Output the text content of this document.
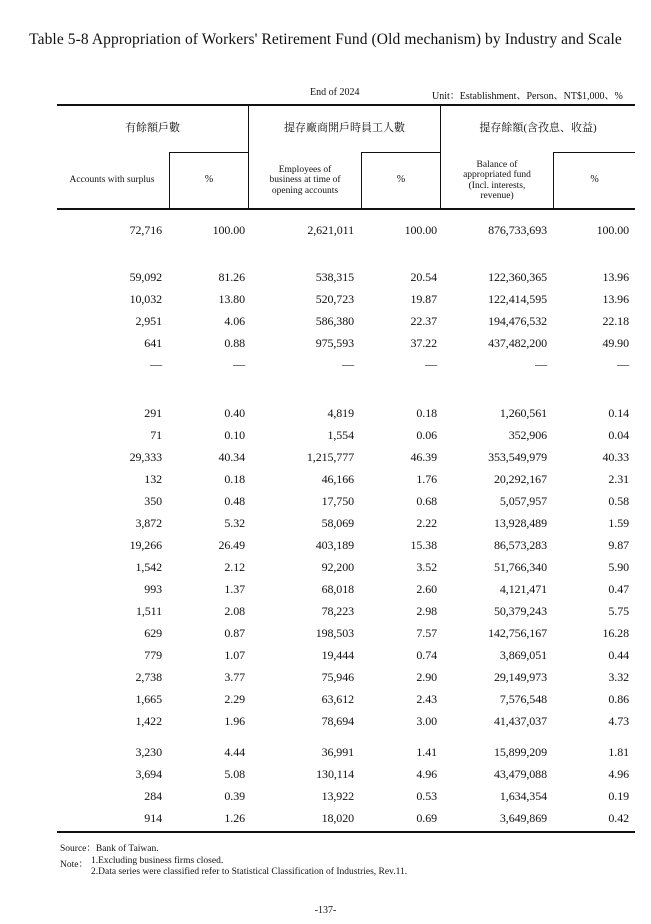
Table 5-8 Appropriation of Workers' Retirement Fund (Old mechanism) by Industry and Scale
End of 2024	Unit：Establishment、Person、NT$1,000、%
有餘額戶數	提存廠商開戶時員工人數	提存餘額(含孜息、收益)
Accounts with surplus	%
Employees of business at time of opening accounts
%
Balance of appropriated fund (Incl. interests, revenue)
%
72,716	100.00	2,621,011	100.00	876,733,693	100.00
59,092	81.26	538,315	20.54	122,360,365	13.96
10,032	13.80	520,723	19.87	122,414,595	13.96
2,951	4.06	586,380	22.37	194,476,532	22.18
641	0.88	975,593	37.22	437,482,200	49.90
—	—	—	—	—	—
291	0.40	4,819	0.18	1,260,561	0.14
71	0.10	1,554	0.06	352,906	0.04
29,333	40.34	1,215,777	46.39	353,549,979	40.33
132	0.18	46,166	1.76	20,292,167	2.31
350	0.48	17,750	0.68	5,057,957	0.58
3,872	5.32	58,069	2.22	13,928,489	1.59
19,266	26.49	403,189	15.38	86,573,283	9.87
1,542	2.12	92,200	3.52	51,766,340	5.90
993	1.37	68,018	2.60	4,121,471	0.47
1,511	2.08	78,223	2.98	50,379,243	5.75
629	0.87	198,503	7.57	142,756,167	16.28
779	1.07	19,444	0.74	3,869,051	0.44
2,738	3.77	75,946	2.90	29,149,973	3.32
1,665	2.29	63,612	2.43	7,576,548	0.86
1,422	1.96	78,694	3.00	41,437,037	4.73
3,230	4.44	36,991	1.41	15,899,209	1.81
3,694	5.08	130,114	4.96	43,479,088	4.96
284	0.39	13,922	0.53	1,634,354	0.19
914	1.26	18,020	0.69	3,649,869	0.42
Source：Bank of Taiwan.
Note： 1.Excluding business firms closed.
2.Data series were classified refer to Statistical Classification of Industries, Rev.11.
-137-
